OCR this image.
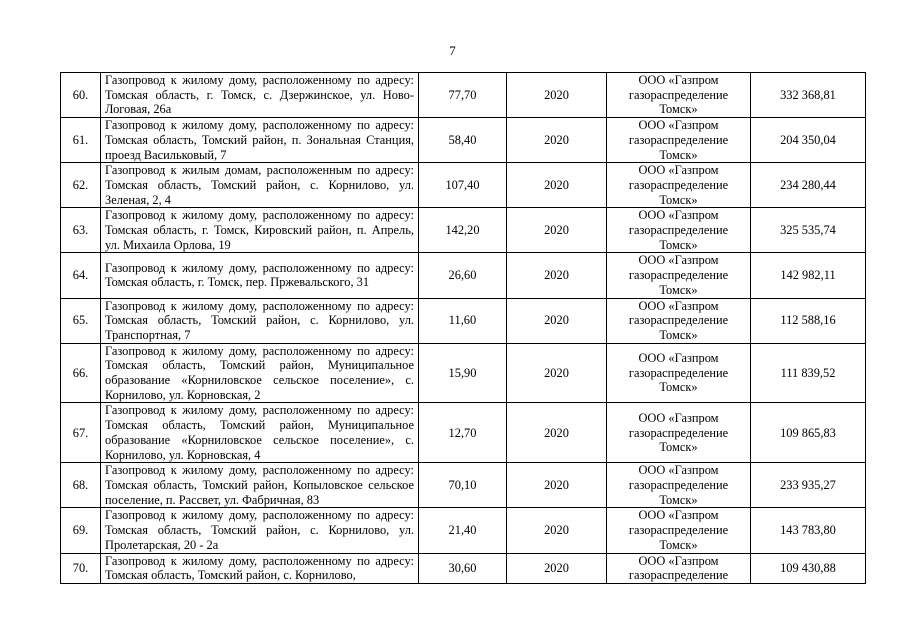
7
60.	Газопровод к жилому дому, расположенному по адресу: Томская область, г. Томск, с. Дзержинское, ул. Ново-Логовая, 26а	77,70	2020	ООО «Газпром газораспределение Томск»	332 368,81
61.	Газопровод к жилому дому, расположенному по адресу: Томская область, Томский район, п. Зональная Станция, проезд Васильковый, 7	58,40	2020	ООО «Газпром газораспределение Томск»	204 350,04
62.	Газопровод к жилым домам, расположенным по адресу: Томская область, Томский район, с. Корнилово, ул. Зеленая, 2, 4	107,40	2020	ООО «Газпром газораспределение Томск»	234 280,44
63.	Газопровод к жилому дому, расположенному по адресу: Томская область, г. Томск, Кировский район, п. Апрель, ул. Михаила Орлова, 19	142,20	2020	ООО «Газпром газораспределение Томск»	325 535,74
64.	Газопровод к жилому дому, расположенному по адресу: Томская область, г. Томск, пер. Пржевальского, 31	26,60	2020	ООО «Газпром газораспределение Томск»	142 982,11
65.	Газопровод к жилому дому, расположенному по адресу: Томская область, Томский район, с. Корнилово, ул. Транспортная, 7	11,60	2020	ООО «Газпром газораспределение Томск»	112 588,16
66.	Газопровод к жилому дому, расположенному по адресу: Томская область, Томский район, Муниципальное образование «Корниловское сельское поселение», с. Корнилово, ул. Корновская, 2	15,90	2020	ООО «Газпром газораспределение Томск»	111 839,52
67.	Газопровод к жилому дому, расположенному по адресу: Томская область, Томский район, Муниципальное образование «Корниловское сельское поселение», с. Корнилово, ул. Корновская, 4	12,70	2020	ООО «Газпром газораспределение Томск»	109 865,83
68.	Газопровод к жилому дому, расположенному по адресу: Томская область, Томский район, Копыловское сельское поселение, п. Рассвет, ул. Фабричная, 83	70,10	2020	ООО «Газпром газораспределение Томск»	233 935,27
69.	Газопровод к жилому дому, расположенному по адресу: Томская область, Томский район, с. Корнилово, ул. Пролетарская, 20 - 2а	21,40	2020	ООО «Газпром газораспределение Томск»	143 783,80
70.	Газопровод к жилому дому, расположенному по адресу: Томская область, Томский район, с. Корнилово,	30,60	2020	ООО «Газпром газораспределение	109 430,88
